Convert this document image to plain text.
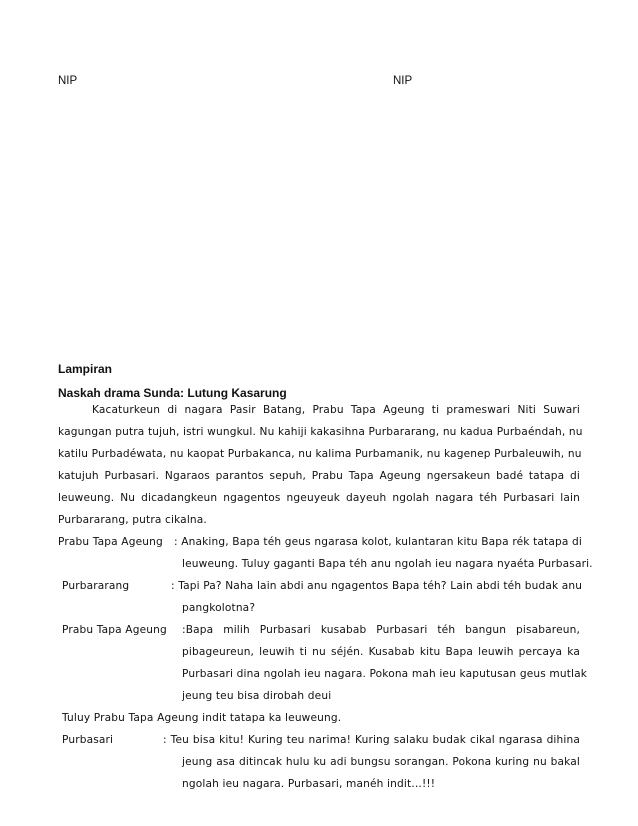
NIP	NIP
Lampiran
Naskah drama Sunda: Lutung Kasarung
Kacaturkeun di nagara Pasir Batang, Prabu Tapa Ageung ti prameswari Niti Suwari
kagungan putra tujuh, istri wungkul. Nu kahiji kakasihna Purbararang, nu kadua Purbaéndah, nu
katilu Purbadéwata, nu kaopat Purbakanca, nu kalima Purbamanik, nu kagenep Purbaleuwih, nu
katujuh Purbasari. Ngaraos parantos sepuh, Prabu Tapa Ageung ngersakeun badé tatapa di
leuweung. Nu dicadangkeun ngagentos ngeuyeuk dayeuh ngolah nagara téh Purbasari lain
Purbararang, putra cikalna.
Prabu Tapa Ageung : Anaking, Bapa téh geus ngarasa kolot, kulantaran kitu Bapa rék tatapa di
leuweung. Tuluy gaganti Bapa téh anu ngolah ieu nagara nyaéta Purbasari.
Purbararang	: Tapi Pa? Naha lain abdi anu ngagentos Bapa téh? Lain abdi téh budak anu
pangkolotna?
Prabu Tapa Ageung :Bapa milih Purbasari kusabab Purbasari téh bangun pisabareun,
pibageureun, leuwih ti nu séjén. Kusabab kitu Bapa leuwih percaya ka
Purbasari dina ngolah ieu nagara. Pokona mah ieu kaputusan geus mutlak
jeung teu bisa dirobah deui
Tuluy Prabu Tapa Ageung indit tatapa ka leuweung.
Purbasari	: Teu bisa kitu! Kuring teu narima! Kuring salaku budak cikal ngarasa dihina
jeung asa ditincak hulu ku adi bungsu sorangan. Pokona kuring nu bakal
ngolah ieu nagara. Purbasari, manéh indit…!!!
